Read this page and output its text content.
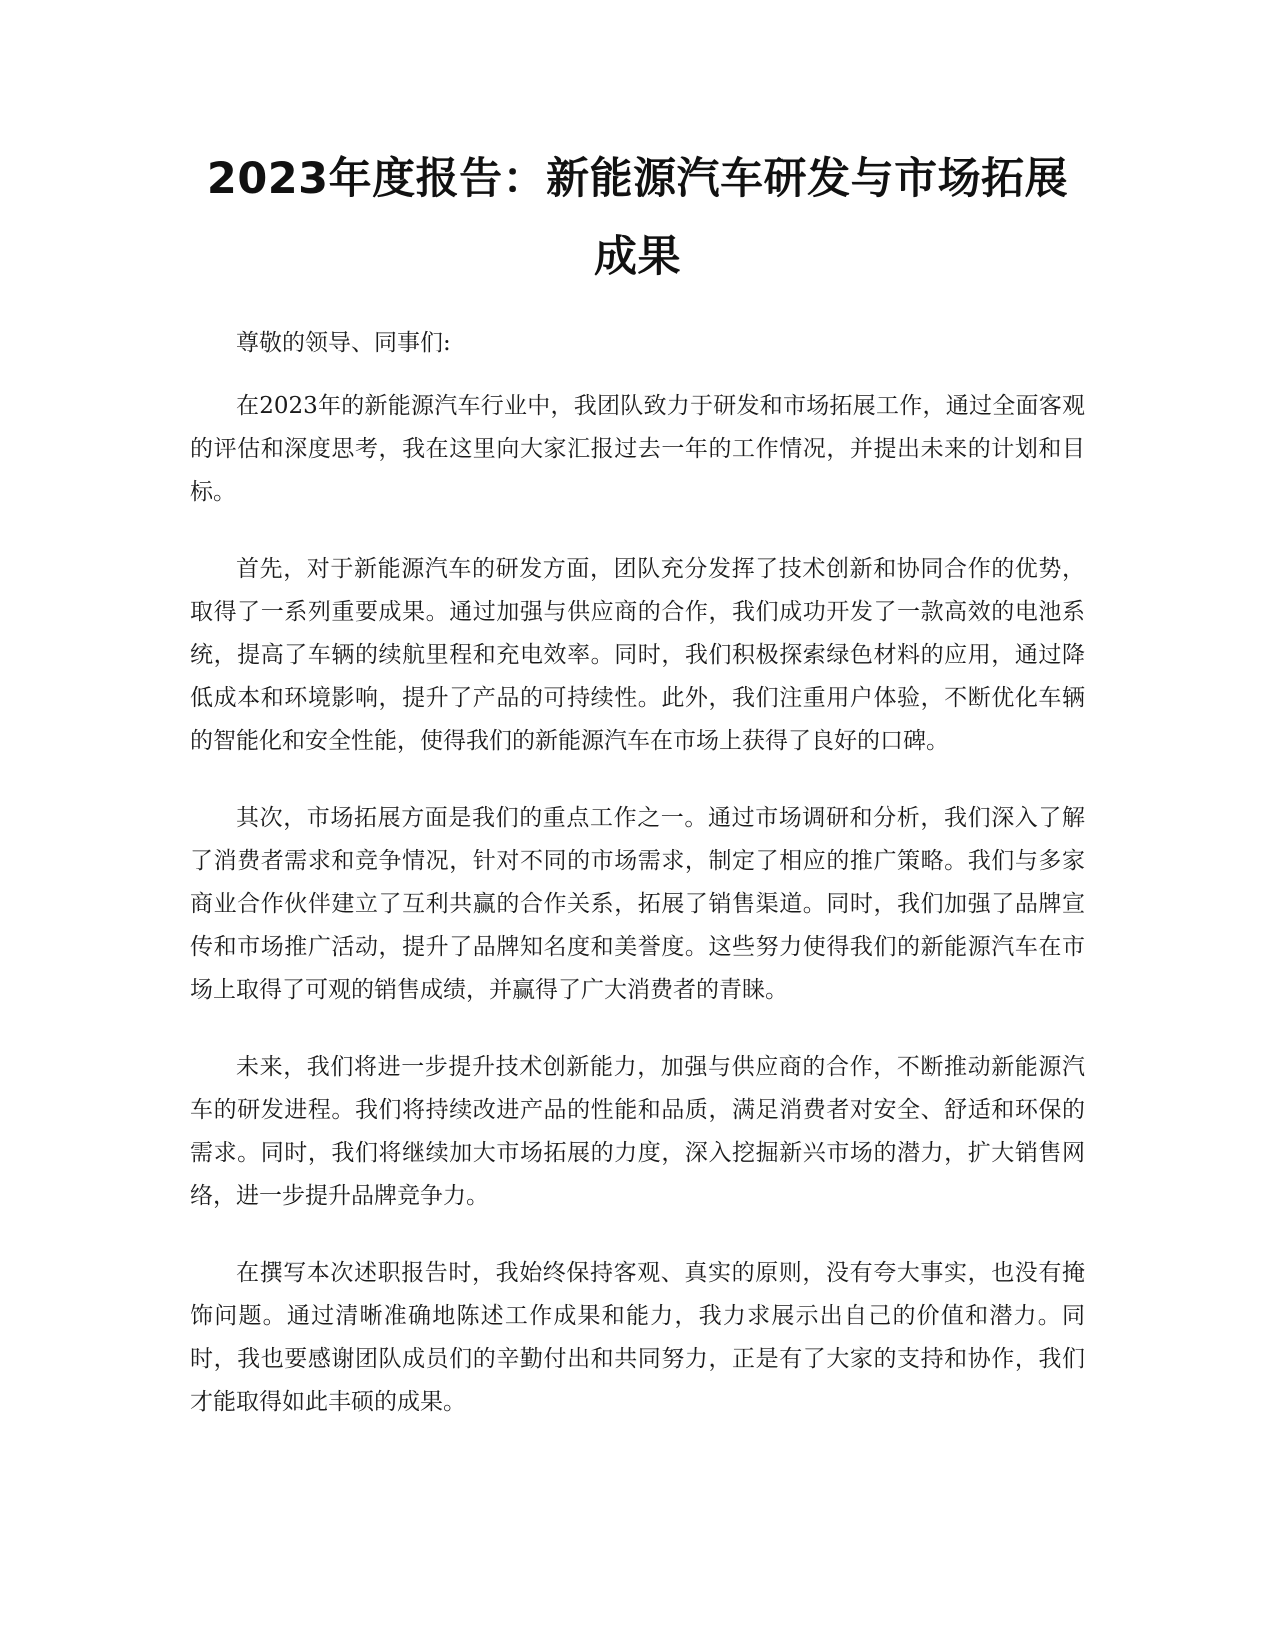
2023年度报告：新能源汽车研发与市场拓展成果

尊敬的领导、同事们:

在2023年的新能源汽车行业中，我团队致力于研发和市场拓展工作，通过全面客观的评估和深度思考，我在这里向大家汇报过去一年的工作情况，并提出未来的计划和目标。

首先，对于新能源汽车的研发方面，团队充分发挥了技术创新和协同合作的优势，取得了一系列重要成果。通过加强与供应商的合作，我们成功开发了一款高效的电池系统，提高了车辆的续航里程和充电效率。同时，我们积极探索绿色材料的应用，通过降低成本和环境影响，提升了产品的可持续性。此外，我们注重用户体验，不断优化车辆的智能化和安全性能，使得我们的新能源汽车在市场上获得了良好的口碑。

其次，市场拓展方面是我们的重点工作之一。通过市场调研和分析，我们深入了解了消费者需求和竞争情况，针对不同的市场需求，制定了相应的推广策略。我们与多家商业合作伙伴建立了互利共赢的合作关系，拓展了销售渠道。同时，我们加强了品牌宣传和市场推广活动，提升了品牌知名度和美誉度。这些努力使得我们的新能源汽车在市场上取得了可观的销售成绩，并赢得了广大消费者的青睐。

未来，我们将进一步提升技术创新能力，加强与供应商的合作，不断推动新能源汽车的研发进程。我们将持续改进产品的性能和品质，满足消费者对安全、舒适和环保的需求。同时，我们将继续加大市场拓展的力度，深入挖掘新兴市场的潜力，扩大销售网络，进一步提升品牌竞争力。

在撰写本次述职报告时，我始终保持客观、真实的原则，没有夸大事实，也没有掩饰问题。通过清晰准确地陈述工作成果和能力，我力求展示出自己的价值和潜力。同时，我也要感谢团队成员们的辛勤付出和共同努力，正是有了大家的支持和协作，我们才能取得如此丰硕的成果。
